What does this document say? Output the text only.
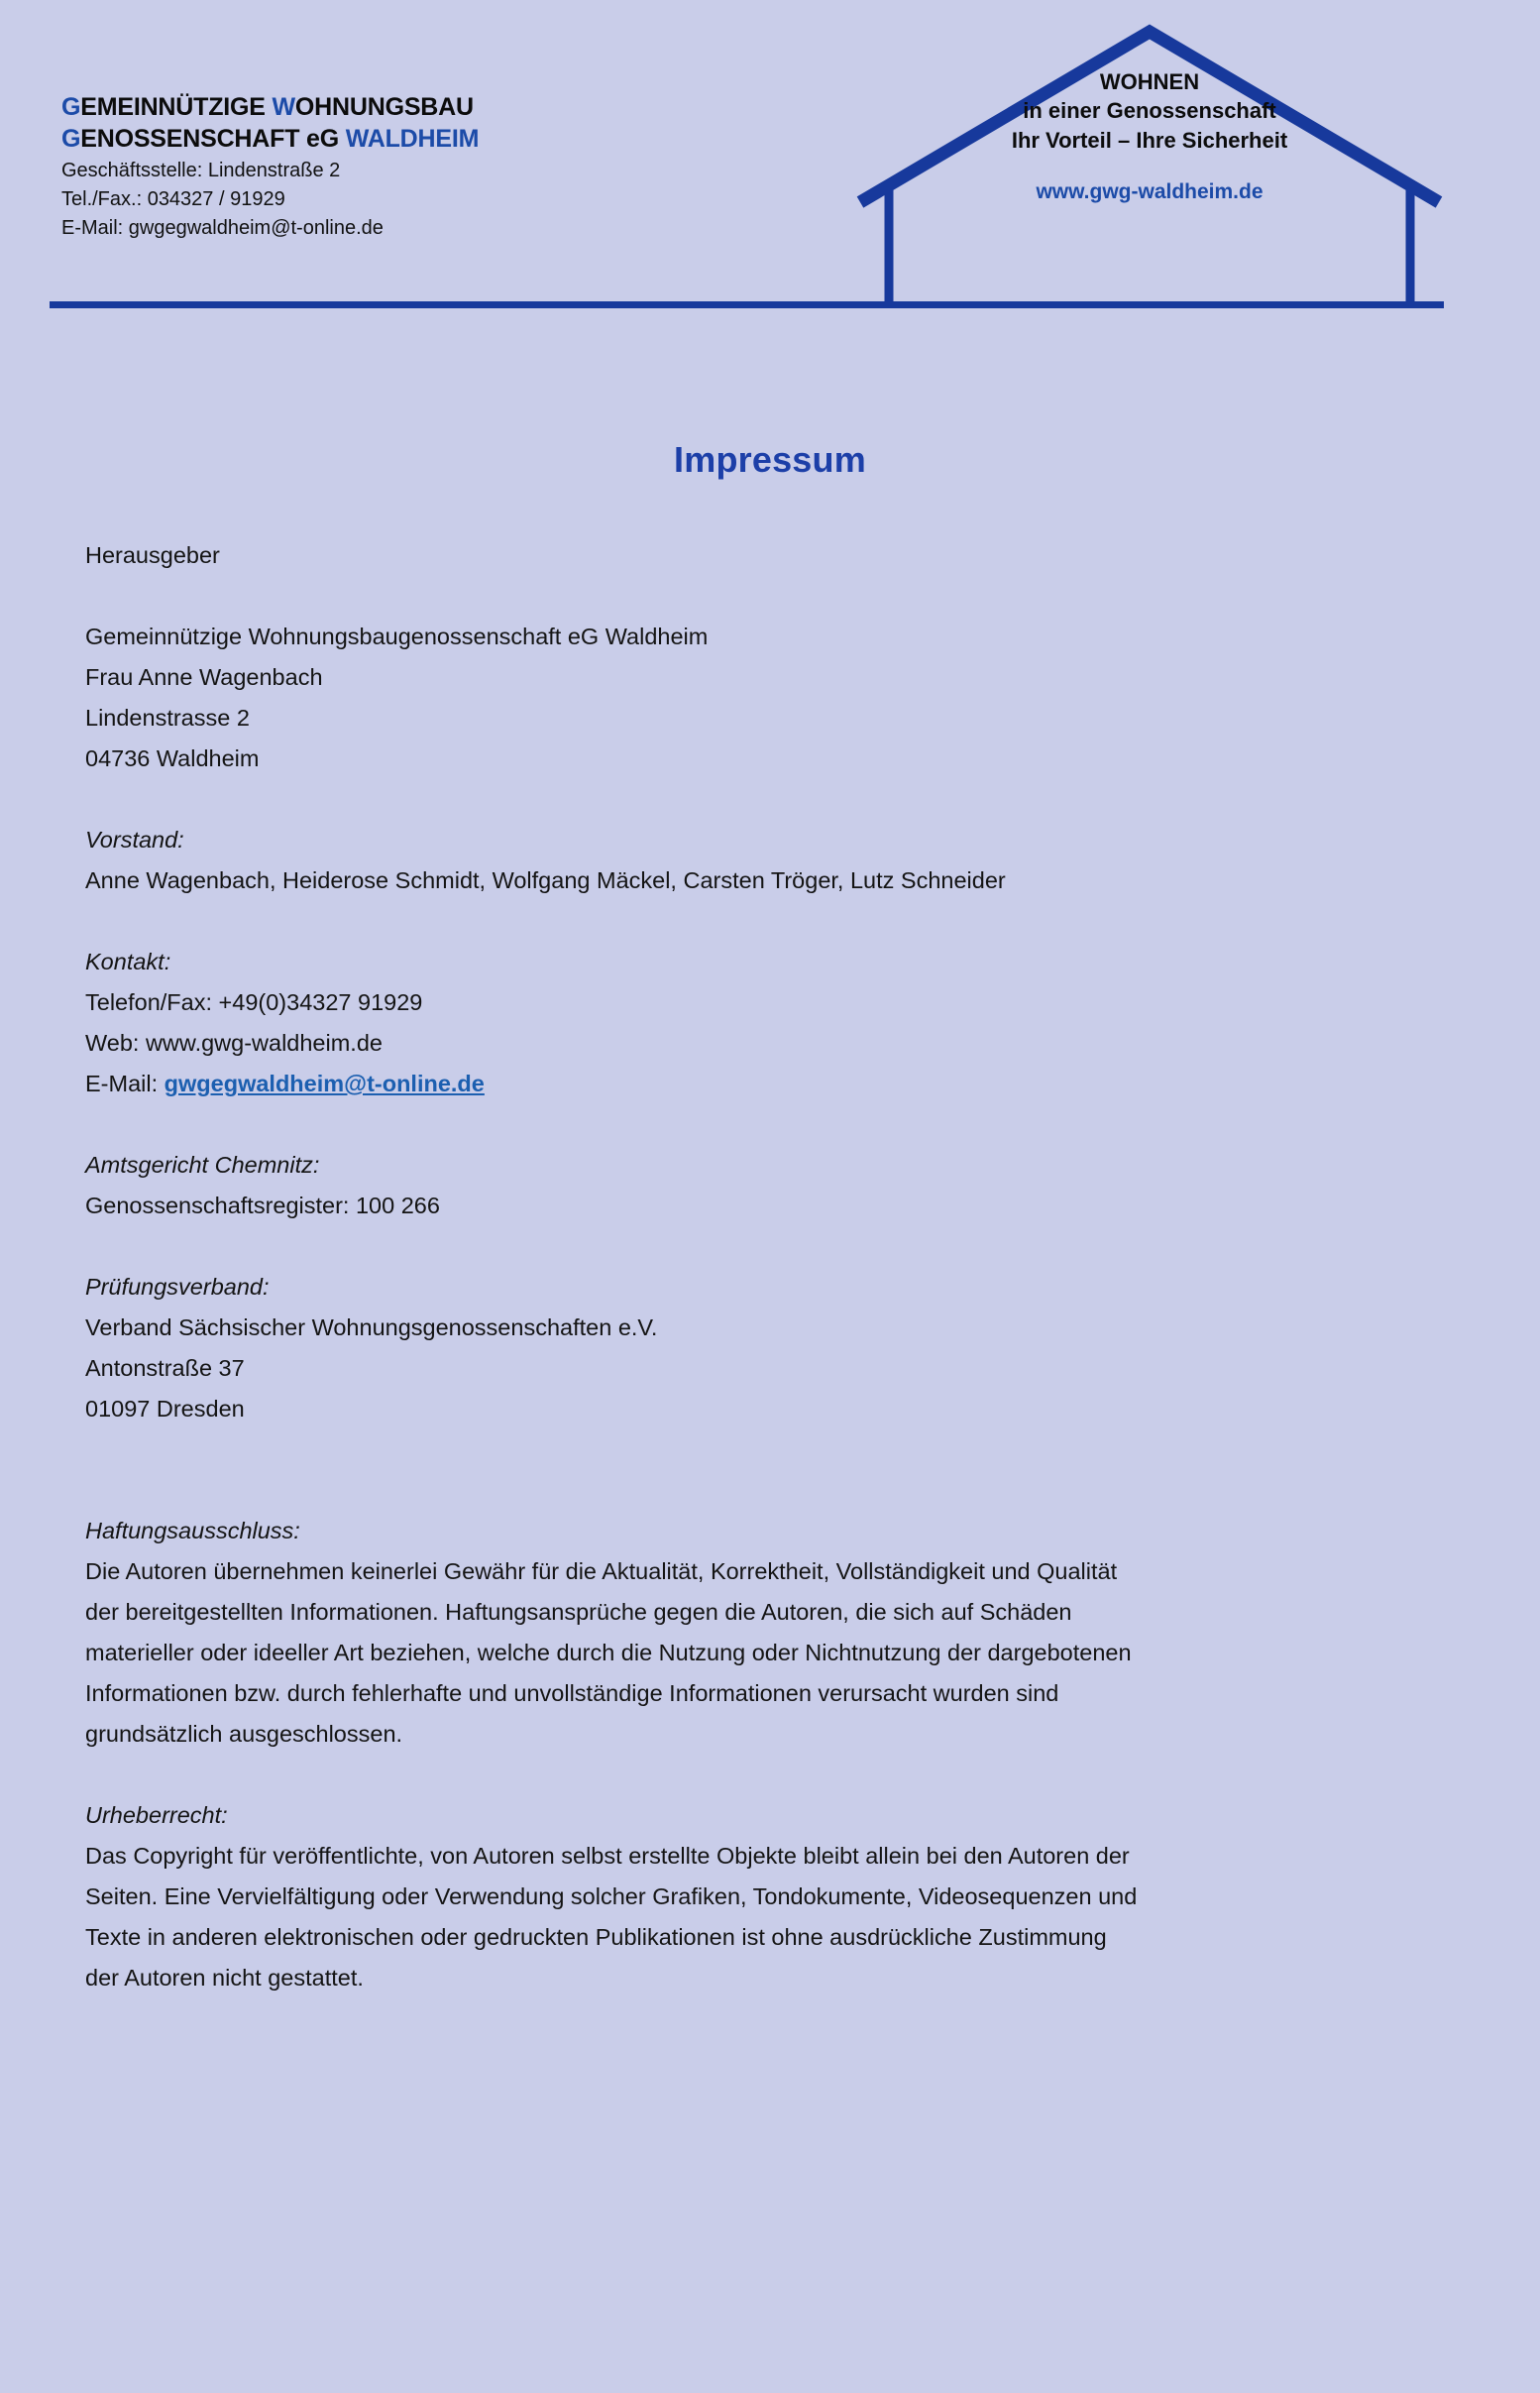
GEMEINNÜTZIGE WOHNUNGSBAU
GENOSSENSCHAFT eG WALDHEIM
Geschäftsstelle: Lindenstraße 2
Tel./Fax.: 034327 / 91929
E-Mail: gwgegwaldheim@t-online.de
WOHNEN
in einer Genossenschaft
Ihr Vorteil – Ihre Sicherheit
www.gwg-waldheim.de
Impressum
Herausgeber
Gemeinnützige Wohnungsbaugenossenschaft eG Waldheim
Frau Anne Wagenbach
Lindenstrasse 2
04736 Waldheim
Vorstand:
Anne Wagenbach, Heiderose Schmidt, Wolfgang Mäckel, Carsten Tröger, Lutz Schneider
Kontakt:
Telefon/Fax: +49(0)34327 91929
Web: www.gwg-waldheim.de
E-Mail: gwgegwaldheim@t-online.de
Amtsgericht Chemnitz:
Genossenschaftsregister: 100 266
Prüfungsverband:
Verband Sächsischer Wohnungsgenossenschaften e.V.
Antonstraße 37
01097 Dresden
Haftungsausschluss:
Die Autoren übernehmen keinerlei Gewähr für die Aktualität, Korrektheit, Vollständigkeit und Qualität
der bereitgestellten Informationen. Haftungsansprüche gegen die Autoren, die sich auf Schäden
materieller oder ideeller Art beziehen, welche durch die Nutzung oder Nichtnutzung der dargebotenen
Informationen bzw. durch fehlerhafte und unvollständige Informationen verursacht wurden sind
grundsätzlich ausgeschlossen.
Urheberrecht:
Das Copyright für veröffentlichte, von Autoren selbst erstellte Objekte bleibt allein bei den Autoren der
Seiten. Eine Vervielfältigung oder Verwendung solcher Grafiken, Tondokumente, Videosequenzen und
Texte in anderen elektronischen oder gedruckten Publikationen ist ohne ausdrückliche Zustimmung
der Autoren nicht gestattet.
